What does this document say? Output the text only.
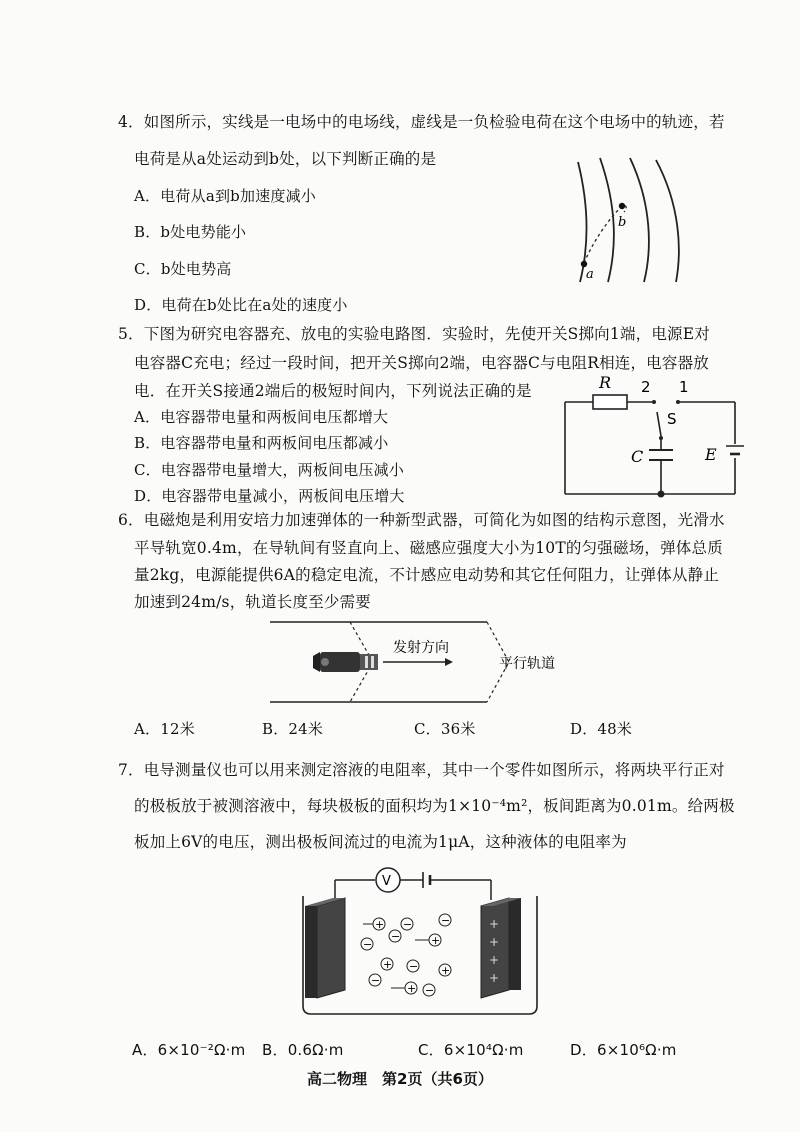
4．如图所示，实线是一电场中的电场线，虚线是一负检验电荷在这个电场中的轨迹，若
电荷是从a处运动到b处，以下判断正确的是
A．电荷从a到b加速度减小
B．b处电势能小
C．b处电势高
D．电荷在b处比在a处的速度小
a
b
5．下图为研究电容器充、放电的实验电路图．实验时，先使开关S掷向1端，电源E对
电容器C充电；经过一段时间，把开关S掷向2端，电容器C与电阻R相连，电容器放
电．在开关S接通2端后的极短时间内，下列说法正确的是
A．电容器带电量和两板间电压都增大
B．电容器带电量和两板间电压都减小
C．电容器带电量增大，两板间电压减小
D．电容器带电量减小，两板间电压增大
R 2 1
S
C	E
6．电磁炮是利用安培力加速弹体的一种新型武器，可简化为如图的结构示意图，光滑水
平导轨宽0.4m，在导轨间有竖直向上、磁感应强度大小为10T的匀强磁场，弹体总质
量2kg，电源能提供6A的稳定电流，不计感应电动势和其它任何阻力，让弹体从静止
加速到24m/s，轨道长度至少需要
发射方向
平行轨道
A．12米	B．24米	C．36米	D．48米
7．电导测量仪也可以用来测定溶液的电阻率，其中一个零件如图所示，将两块平行正对
的极板放于被测溶液中，每块极板的面积均为1×10⁻⁴m²，板间距离为0.01m。给两极
板加上6V的电压，测出极板间流过的电流为1μA，这种液体的电阻率为
V
+
+
+
+
+ −	−
−
−	+
+ − +
−
+ −
A．6×10⁻²Ω·m B．0.6Ω·m	C．6×10⁴Ω·m	D．6×10⁶Ω·m
高二物理　第2页（共6页）
